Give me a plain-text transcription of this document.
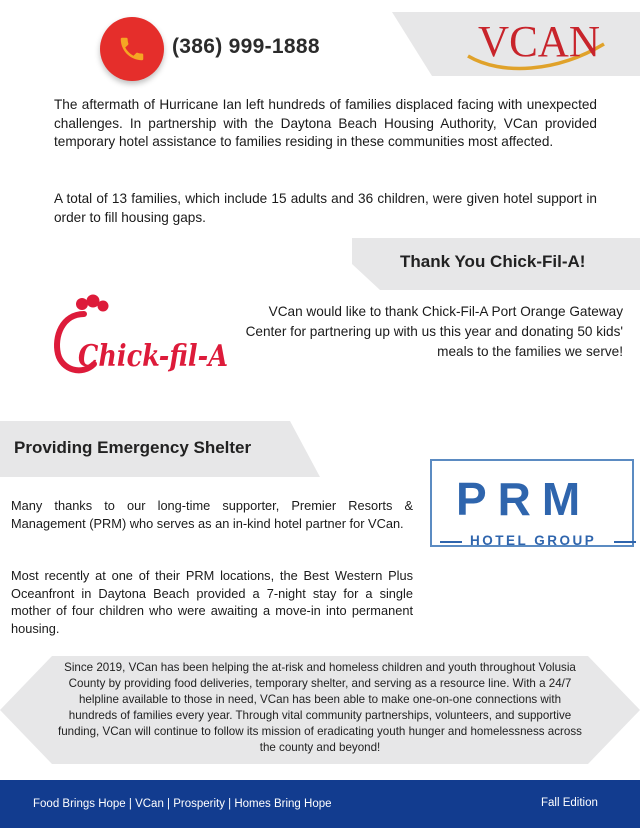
(386) 999-1888	VCAN
The aftermath of Hurricane Ian left hundreds of families displaced facing with unexpected challenges. In partnership with the Daytona Beach Housing Authority, VCan provided temporary hotel assistance to families residing in these communities most affected.
A total of 13 families, which include 15 adults and 36 children, were given hotel support in order to fill housing gaps.
Thank You Chick-Fil-A!
Chick-fil-A
VCan would like to thank Chick-Fil-A Port Orange Gateway Center for partnering up with us this year and donating 50 kids' meals to the families we serve!
Providing Emergency Shelter
PRM
HOTEL GROUP
Many thanks to our long-time supporter, Premier Resorts & Management (PRM) who serves as an in-kind hotel partner for VCan.
Most recently at one of their PRM locations, the Best Western Plus Oceanfront in Daytona Beach provided a 7-night stay for a single mother of four children who were awaiting a move-in into permanent housing.
Since 2019, VCan has been helping the at-risk and homeless children and youth throughout Volusia County by providing food deliveries, temporary shelter, and serving as a resource line. With a 24/7 helpline available to those in need, VCan has been able to make one-on-one connections with hundreds of families every year. Through vital community partnerships, volunteers, and supportive funding, VCan will continue to follow its mission of eradicating youth hunger and homelessness across the county and beyond!
Food Brings Hope | VCan | Prosperity | Homes Bring Hope	Fall Edition
